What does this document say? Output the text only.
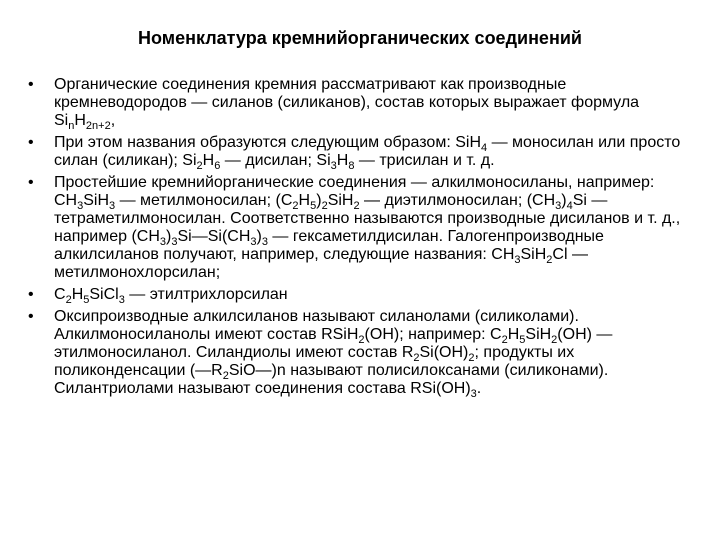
Номенклатура кремнийорганических соединений
• Органические соединения кремния рассматривают как производные кремневодородов — силанов (силиканов), состав которых выражает формула $Si_nH_{2n+2}$,
• При этом названия образуются следующим образом: SiH$_4$ — моносилан или просто силан (силикан); $Si_2H_6$ — дисилан; $Si_3H_8$ — трисилан и т. д.
• Простейшие кремнийорганические соединения — алкилмоносиланы, например: $CH_3SiH_3$ — метилмоносилан; $(C_2H_5)_2SiH_2$ — диэтилмоносилан; $(CH_3)_4Si$ — тетраметилмоносилан. Соответственно называются производные дисиланов и т. д., например $(CH_3)_3Si—Si(CH_3)_3$ — гексаметилдисилан. Галогенпроизводные алкилсиланов получают, например, следующие названия: $CH_3SiH_2Cl$ — метилмонохлорсилан;
• $C_2H_5SiCl_3$ — этилтрихлорсилан
• Оксипроизводные алкилсиланов называют силанолами (силиколами). Алкилмоносиланолы имеют состав RSiH$_2$(OH); например: $C_2H_5SiH_2(OH)$ — этилмоносиланол. Силандиолы имеют состав $R_2Si(OH)_2$; продукты их поликонденсации $(—R_2SiO—)n$ называют полисилоксанами (силиконами). Силантриолами называют соединения состава $RSi(OH)_3$.
